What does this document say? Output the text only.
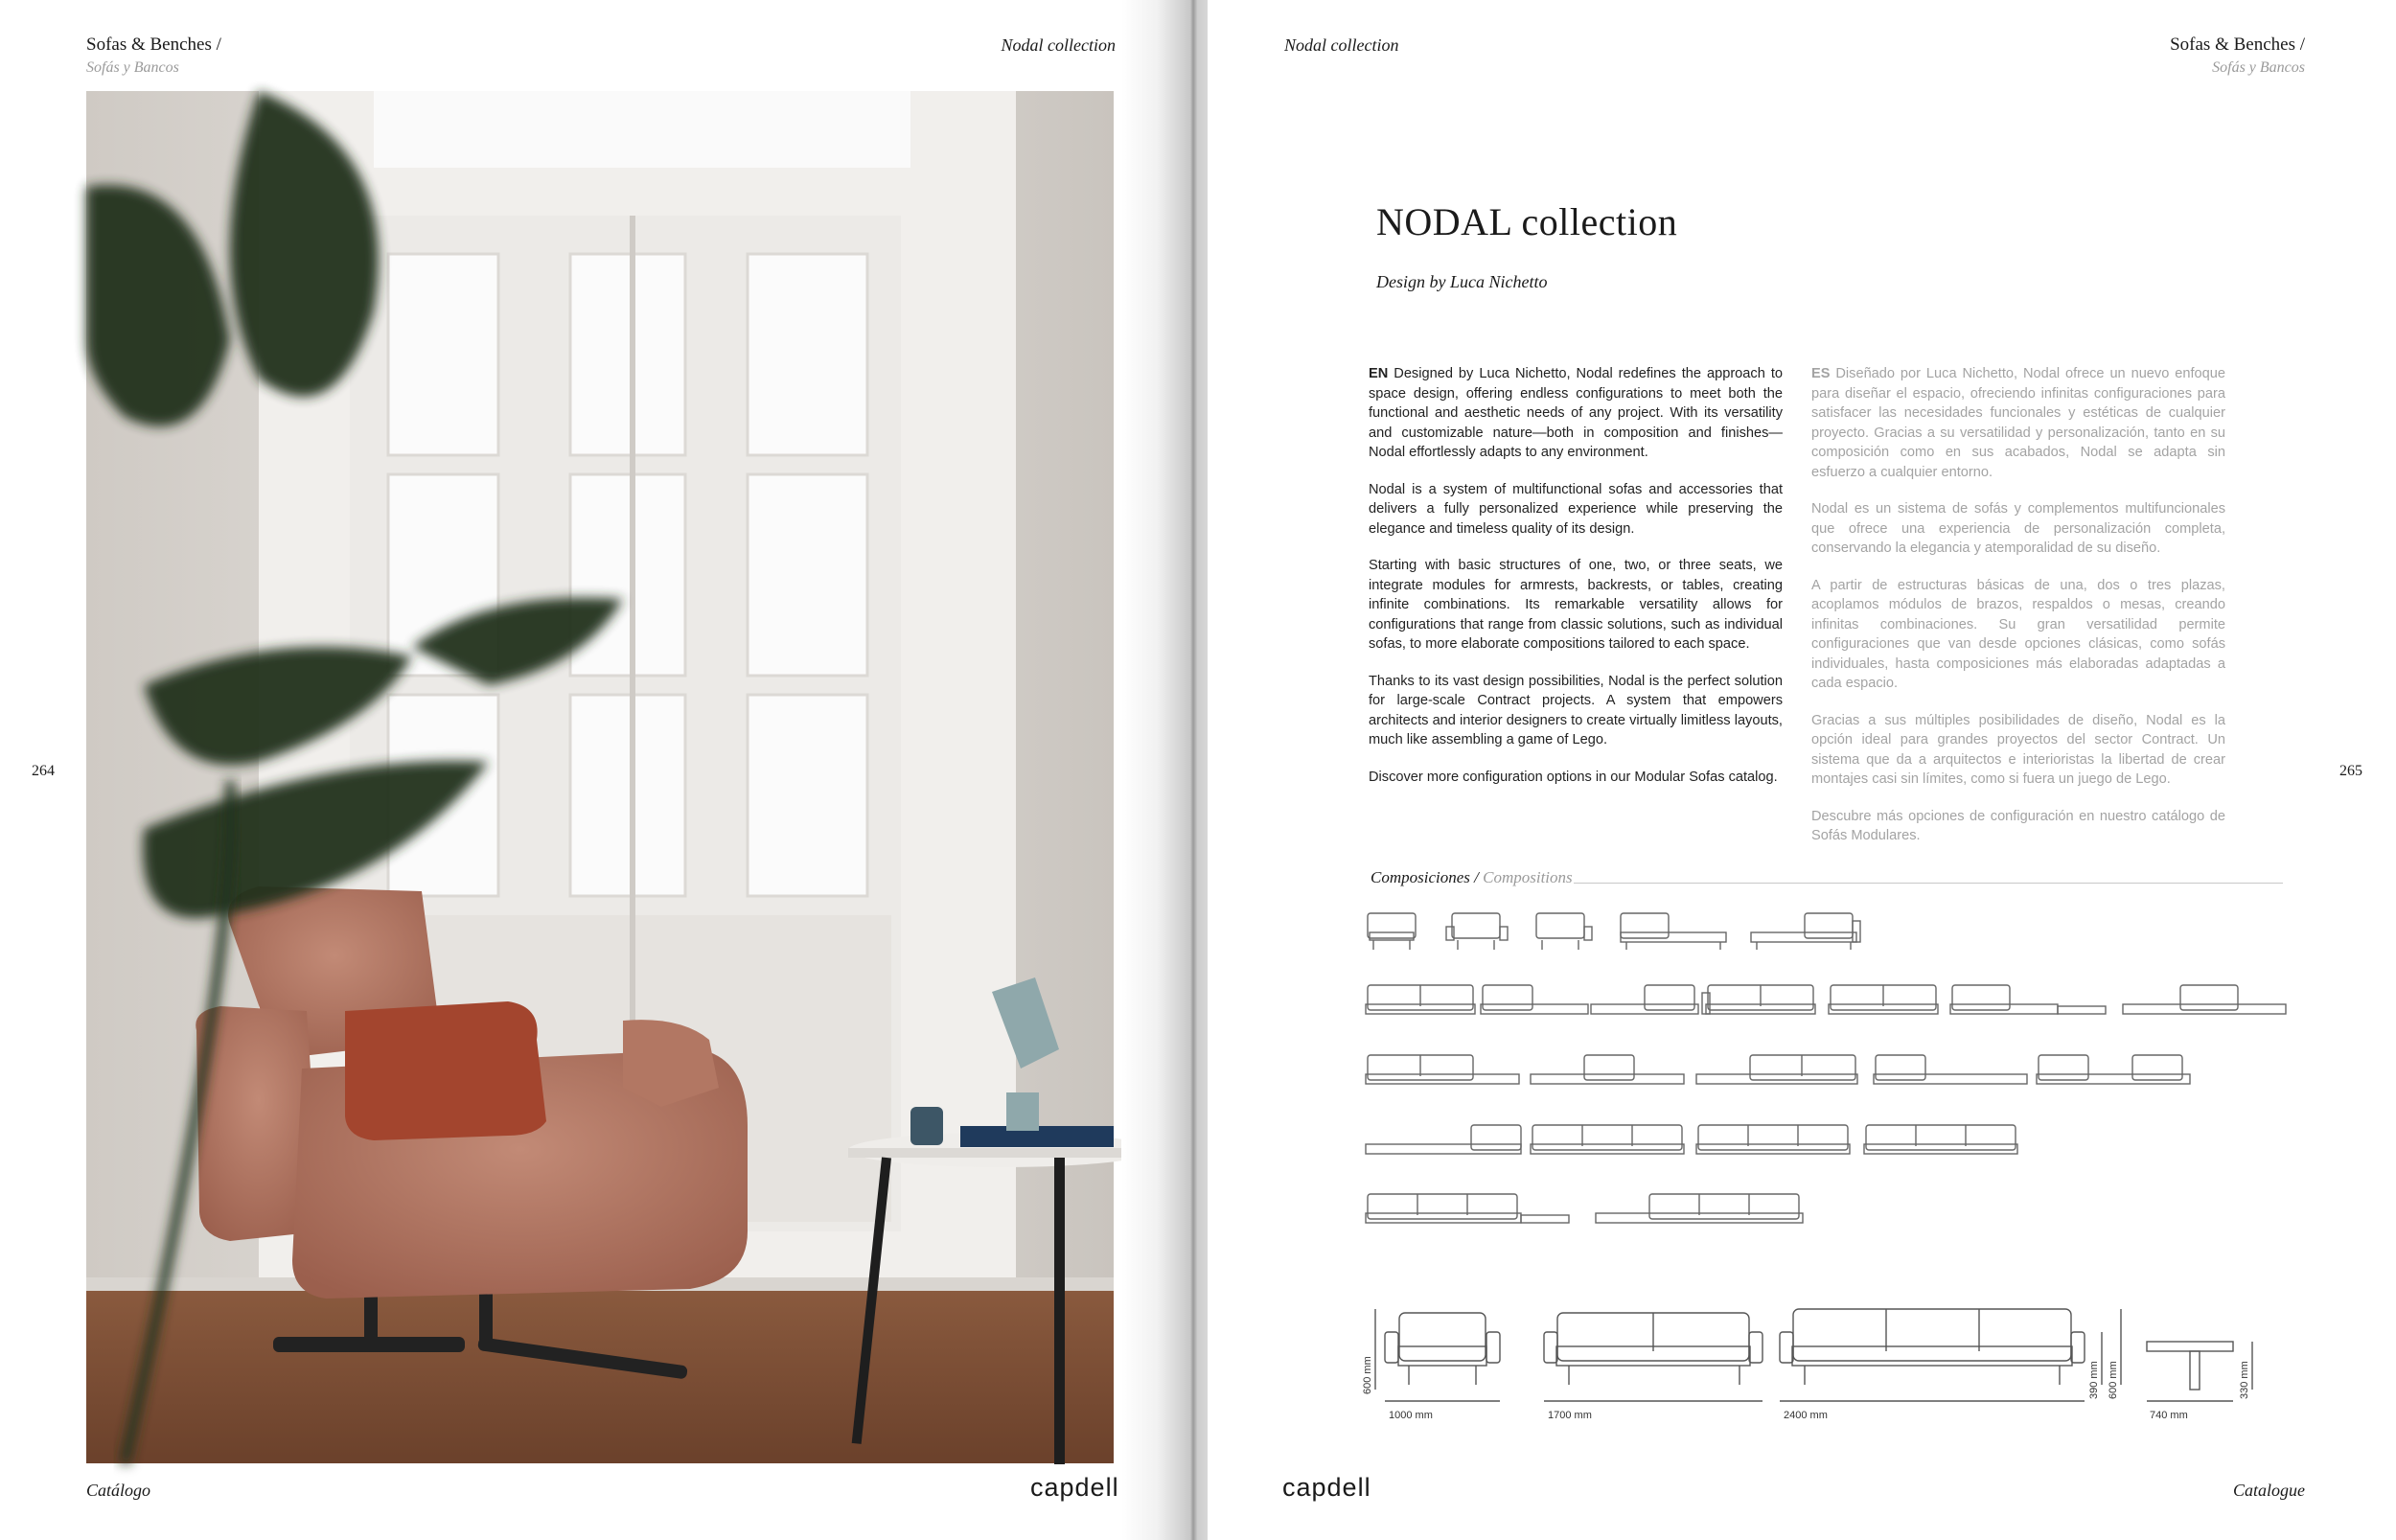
Sofas & Benches /
Sofás y Bancos
Nodal collection
264
Catálogo	capdell
Nodal collection	Sofas & Benches /
Sofás y Bancos
265
NODAL collection
Design by Luca Nichetto

EN Designed by Luca Nichetto, Nodal redefines the approach to space design, offering endless configurations to meet both the functional and aesthetic needs of any project. With its versatility and customizable nature—both in composition and finishes—Nodal effortlessly adapts to any environment.

Nodal is a system of multifunctional sofas and accessories that delivers a fully personalized experience while preserving the elegance and timeless quality of its design.

Starting with basic structures of one, two, or three seats, we integrate modules for armrests, backrests, or tables, creating infinite combinations. Its remarkable versatility allows for configurations that range from classic solutions, such as individual sofas, to more elaborate compositions tailored to each space.

Thanks to its vast design possibilities, Nodal is the perfect solution for large-scale Contract projects. A system that empowers architects and interior designers to create virtually limitless layouts, much like assembling a game of Lego.

Discover more configuration options in our Modular Sofas catalog.

ES Diseñado por Luca Nichetto, Nodal ofrece un nuevo enfoque para diseñar el espacio, ofreciendo infinitas configuraciones para satisfacer las necesidades funcionales y estéticas de cualquier proyecto. Gracias a su versatilidad y personalización, tanto en su composición como en sus acabados, Nodal se adapta sin esfuerzo a cualquier entorno.

Nodal es un sistema de sofás y complementos multifuncionales que ofrece una experiencia de personalización completa, conservando la elegancia y atemporalidad de su diseño.

A partir de estructuras básicas de una, dos o tres plazas, acoplamos módulos de brazos, respaldos o mesas, creando infinitas combinaciones. Su gran versatilidad permite configuraciones que van desde opciones clásicas, como sofás individuales, hasta composiciones más elaboradas adaptadas a cada espacio.

Gracias a sus múltiples posibilidades de diseño, Nodal es la opción ideal para grandes proyectos del sector Contract. Un sistema que da a arquitectos e interioristas la libertad de crear montajes casi sin límites, como si fuera un juego de Lego.

Descubre más opciones de configuración en nuestro catálogo de Sofás Modulares.

Composiciones / Compositions
1000 mm	1700 mm	2400 mm	740 mm
600 mm	390 mm 600 mm	330 mm
capdell	Catalogue
